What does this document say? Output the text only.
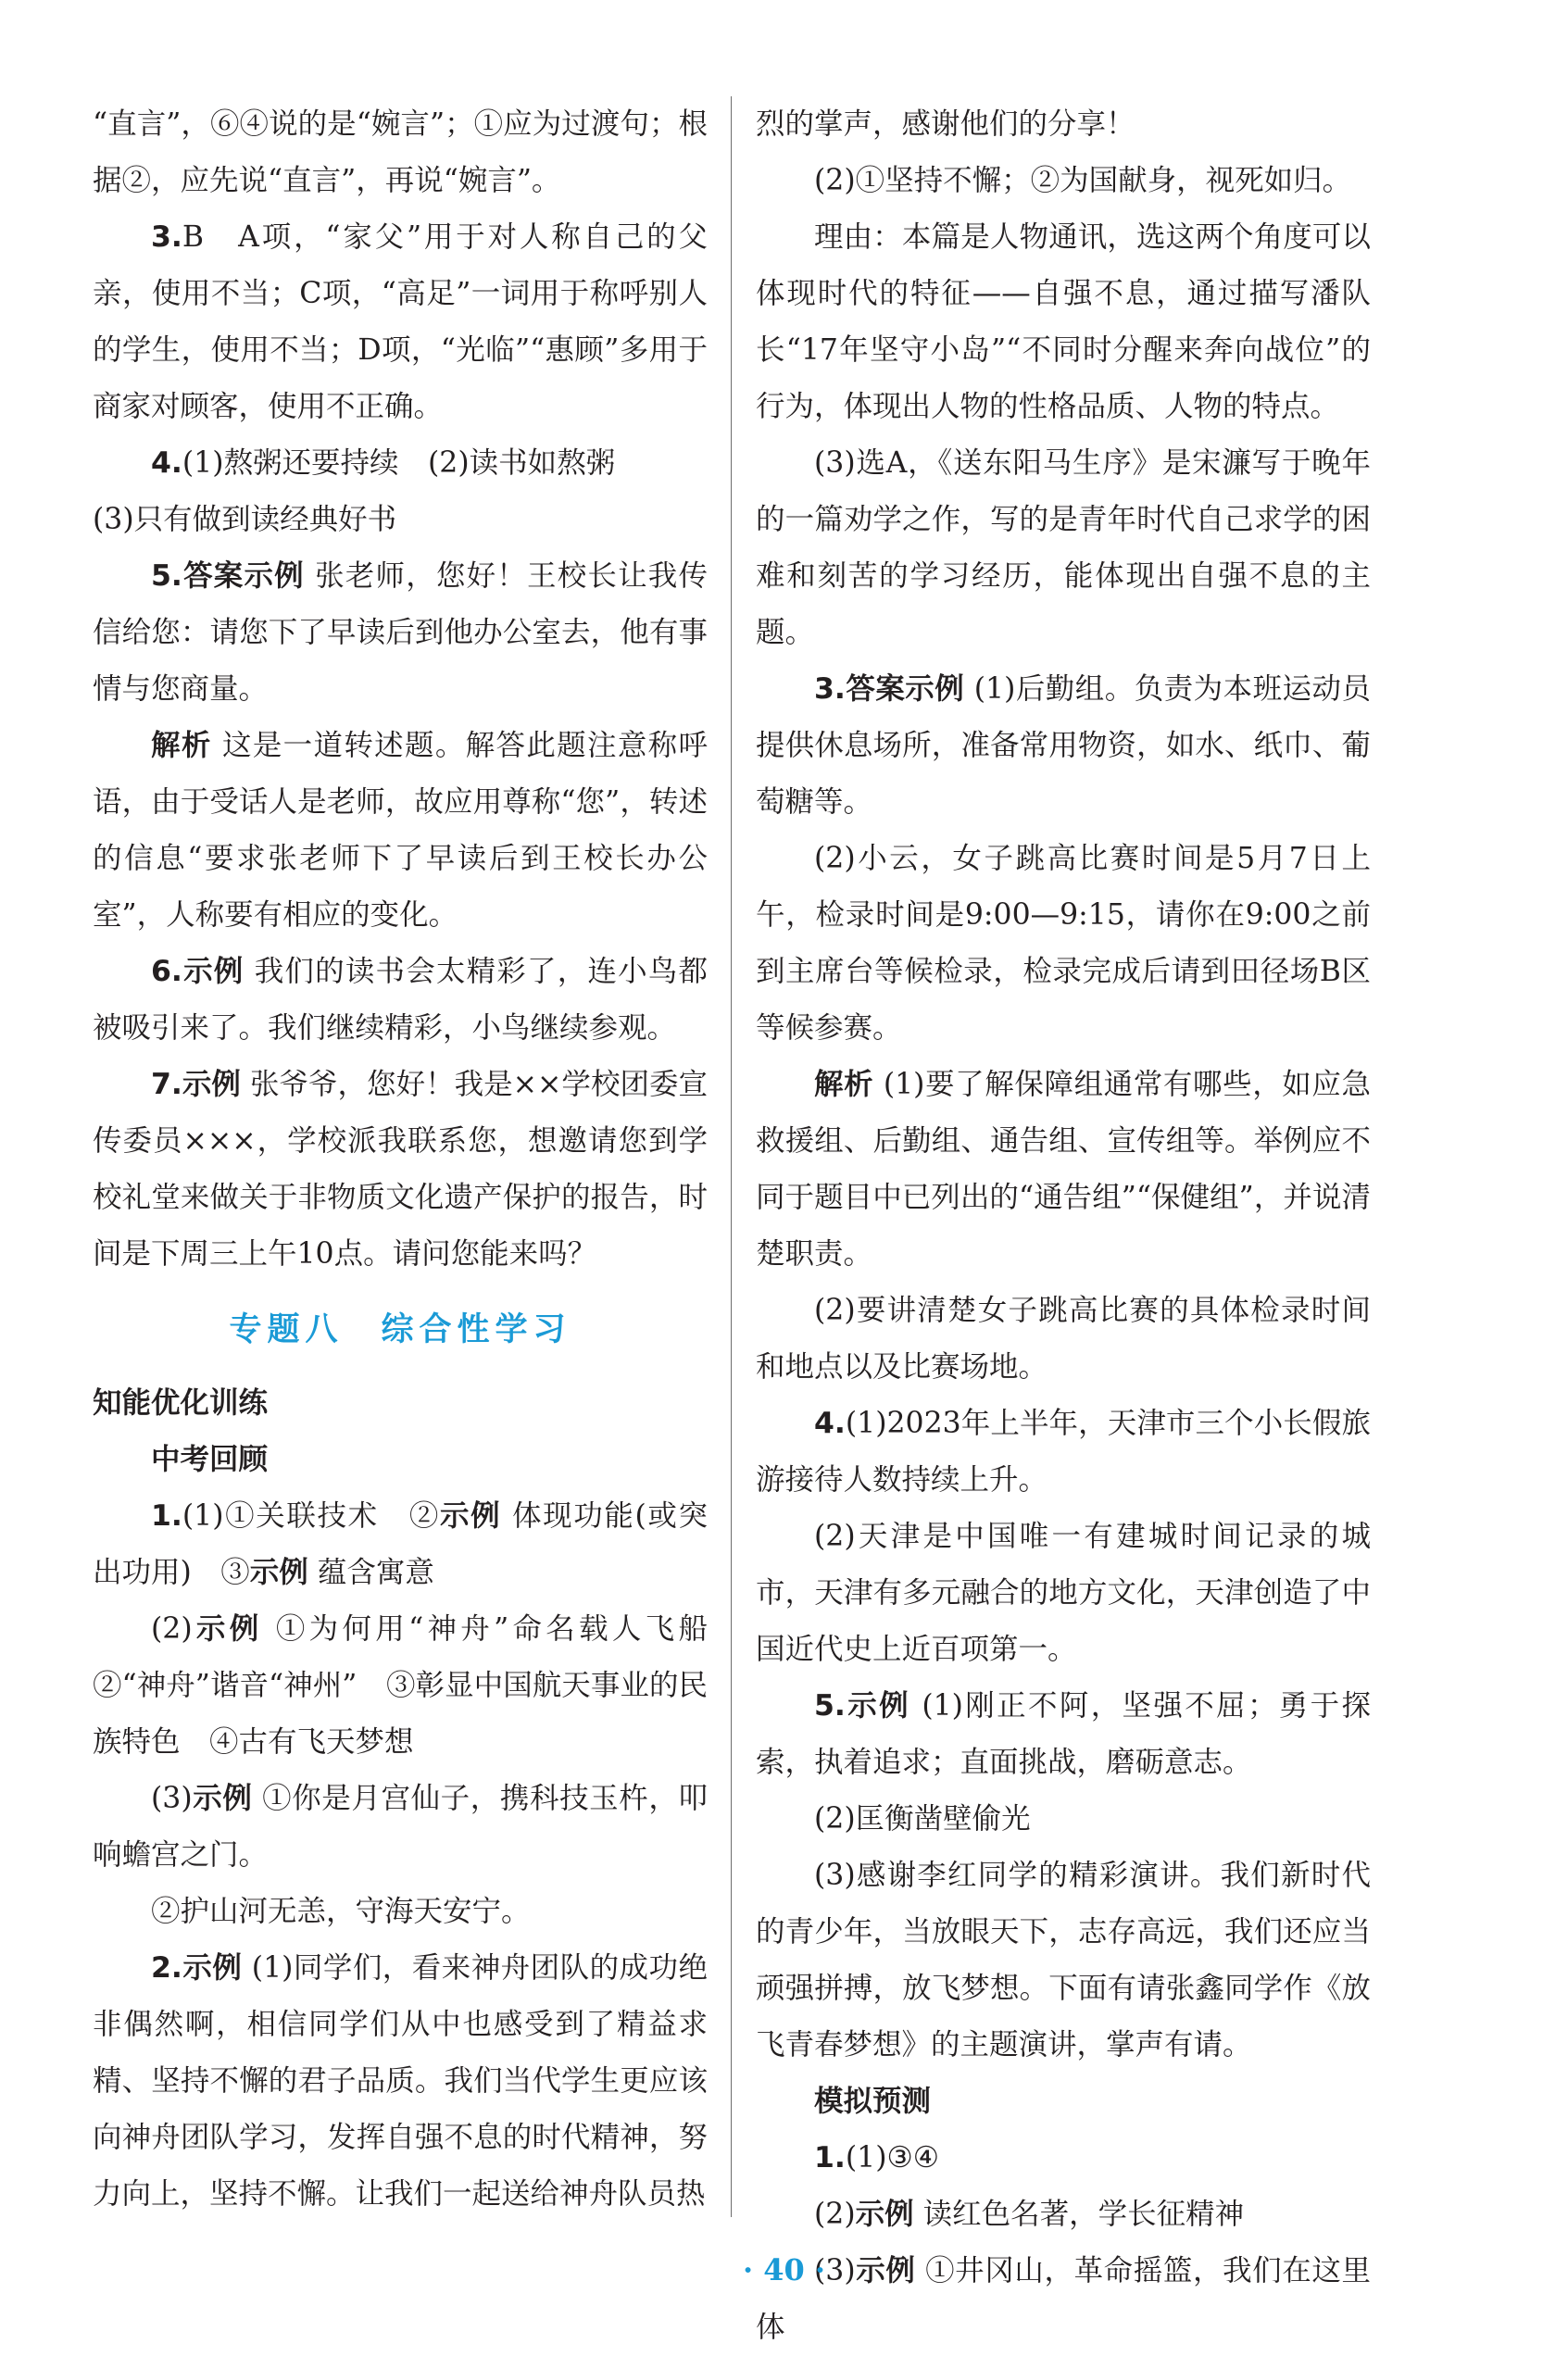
“直言”，⑥④说的是“婉言”；①应为过渡句；根据②，应先说“直言”，再说“婉言”。

3.B　A项，“家父”用于对人称自己的父亲，使用不当；C项，“高足”一词用于称呼别人的学生，使用不当；D项，“光临”“惠顾”多用于商家对顾客，使用不正确。

4.(1)熬粥还要持续　(2)读书如熬粥

(3)只有做到读经典好书

5.答案示例 张老师，您好！王校长让我传信给您：请您下了早读后到他办公室去，他有事情与您商量。

解析 这是一道转述题。解答此题注意称呼语，由于受话人是老师，故应用尊称“您”，转述的信息“要求张老师下了早读后到王校长办公室”，人称要有相应的变化。

6.示例 我们的读书会太精彩了，连小鸟都被吸引来了。我们继续精彩，小鸟继续参观。

7.示例 张爷爷，您好！我是××学校团委宣传委员×××，学校派我联系您，想邀请您到学校礼堂来做关于非物质文化遗产保护的报告，时间是下周三上午10点。请问您能来吗？

专题八　综合性学习

知能优化训练

中考回顾

1.(1)①关联技术　②示例 体现功能(或突出功用)　③示例 蕴含寓意

(2)示例 ①为何用“神舟”命名载人飞船②“神舟”谐音“神州”　③彰显中国航天事业的民族特色　④古有飞天梦想

(3)示例 ①你是月宫仙子，携科技玉杵，叩响蟾宫之门。

②护山河无恙，守海天安宁。

2.示例 (1)同学们，看来神舟团队的成功绝非偶然啊，相信同学们从中也感受到了精益求精、坚持不懈的君子品质。我们当代学生更应该向神舟团队学习，发挥自强不息的时代精神，努力向上，坚持不懈。让我们一起送给神舟队员热

烈的掌声，感谢他们的分享！

(2)①坚持不懈；②为国献身，视死如归。

理由：本篇是人物通讯，选这两个角度可以体现时代的特征——自强不息，通过描写潘队长“17年坚守小岛”“不同时分醒来奔向战位”的行为，体现出人物的性格品质、人物的特点。

(3)选A，《送东阳马生序》是宋濂写于晚年的一篇劝学之作，写的是青年时代自己求学的困难和刻苦的学习经历，能体现出自强不息的主题。

3.答案示例 (1)后勤组。负责为本班运动员提供休息场所，准备常用物资，如水、纸巾、葡萄糖等。

(2)小云，女子跳高比赛时间是5月7日上午，检录时间是9:00—9:15，请你在9:00之前到主席台等候检录，检录完成后请到田径场B区等候参赛。

解析 (1)要了解保障组通常有哪些，如应急救援组、后勤组、通告组、宣传组等。举例应不同于题目中已列出的“通告组”“保健组”，并说清楚职责。

(2)要讲清楚女子跳高比赛的具体检录时间和地点以及比赛场地。

4.(1)2023年上半年，天津市三个小长假旅游接待人数持续上升。

(2)天津是中国唯一有建城时间记录的城市，天津有多元融合的地方文化，天津创造了中国近代史上近百项第一。

5.示例 (1)刚正不阿，坚强不屈；勇于探索，执着追求；直面挑战，磨砺意志。

(2)匡衡凿壁偷光

(3)感谢李红同学的精彩演讲。我们新时代的青少年，当放眼天下，志存高远，我们还应当顽强拼搏，放飞梦想。下面有请张鑫同学作《放飞青春梦想》的主题演讲，掌声有请。

模拟预测

1.(1)③④

(2)示例 读红色名著，学长征精神

(3)示例 ①井冈山，革命摇篮，我们在这里体

· 40 ·
